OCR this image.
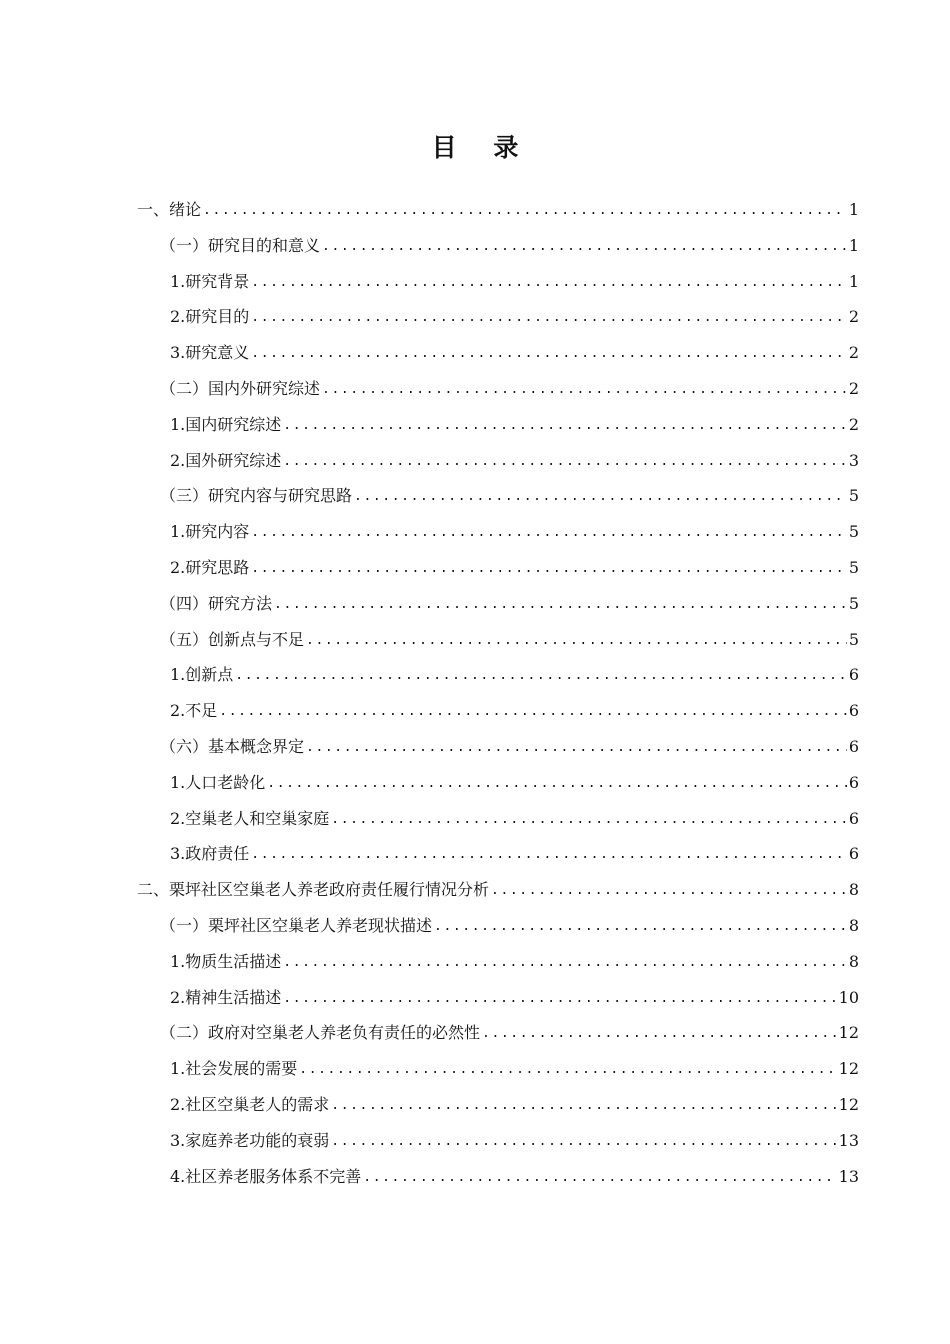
目 录
一、绪论 .....	1
（一）研究目的和意义 .....	1
1.研究背景 .....	1
2.研究目的 .....	2
3.研究意义 .....	2
（二）国内外研究综述 .....	2
1.国内研究综述 .....	2
2.国外研究综述 .....	3
（三）研究内容与研究思路 .....	5
1.研究内容 .....	5
2.研究思路 .....	5
（四）研究方法 .....	5
（五）创新点与不足 .....	5
1.创新点 .....	6
2.不足 .....	6
（六）基本概念界定 .....	6
1.人口老龄化 .....	6
2.空巢老人和空巢家庭 .....	6
3.政府责任 .....	6
二、栗坪社区空巢老人养老政府责任履行情况分析 .....	8
（一）栗坪社区空巢老人养老现状描述 .....	8
1.物质生活描述 .....	8
2.精神生活描述 .....	10
（二）政府对空巢老人养老负有责任的必然性 .....	12
1.社会发展的需要 .....	12
2.社区空巢老人的需求 .....	12
3.家庭养老功能的衰弱 .....	13
4.社区养老服务体系不完善 .....	13
